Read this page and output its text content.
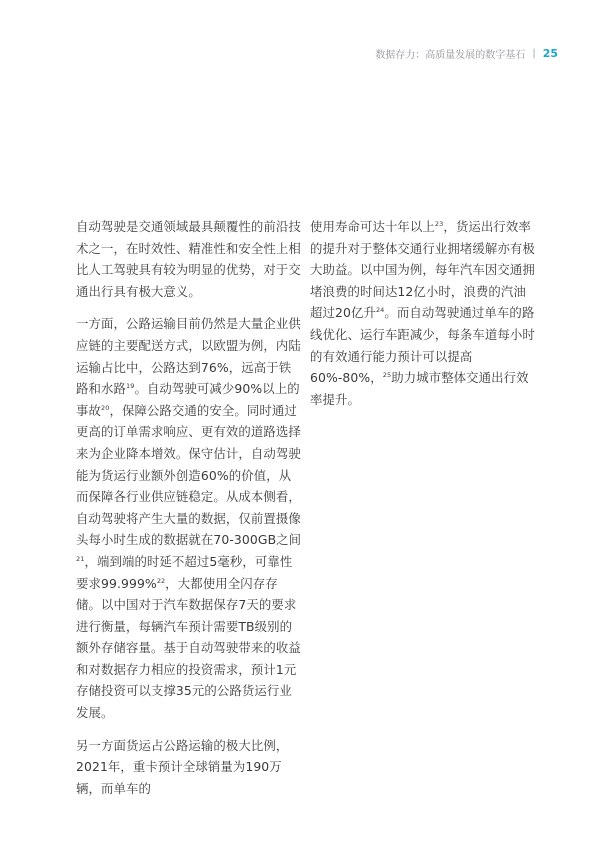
数据存力：高质量发展的数字基石 | 25

自动驾驶是交通领域最具颠覆性的前沿技术之一，在时效性、精准性和安全性上相比人工驾驶具有较为明显的优势，对于交通出行具有极大意义。

一方面，公路运输目前仍然是大量企业供应链的主要配送方式，以欧盟为例，内陆运输占比中，公路达到76%，远高于铁路和水路$^{19}$。自动驾驶可减少90%以上的事故$^{20}$，保障公路交通的安全。同时通过更高的订单需求响应、更有效的道路选择来为企业降本增效。保守估计，自动驾驶能为货运行业额外创造60%的价值，从而保障各行业供应链稳定。从成本侧看，自动驾驶将产生大量的数据，仅前置摄像头每小时生成的数据就在70-300GB之间$^{21}$，端到端的时延不超过5毫秒，可靠性要求99.999%$^{22}$，大都使用全闪存存储。以中国对于汽车数据保存7天的要求进行衡量，每辆汽车预计需要TB级别的额外存储容量。基于自动驾驶带来的收益和对数据存力相应的投资需求，预计1元存储投资可以支撑35元的公路货运行业发展。

另一方面货运占公路运输的极大比例，2021年，重卡预计全球销量为190万辆，而单车的

使用寿命可达十年以上$^{23}$，货运出行效率的提升对于整体交通行业拥堵缓解亦有极大助益。以中国为例，每年汽车因交通拥堵浪费的时间达12亿小时，浪费的汽油超过20亿升$^{24}$。而自动驾驶通过单车的路线优化、运行车距减少，每条车道每小时的有效通行能力预计可以提高60%-80%，$^{25}$助力城市整体交通出行效率提升。
